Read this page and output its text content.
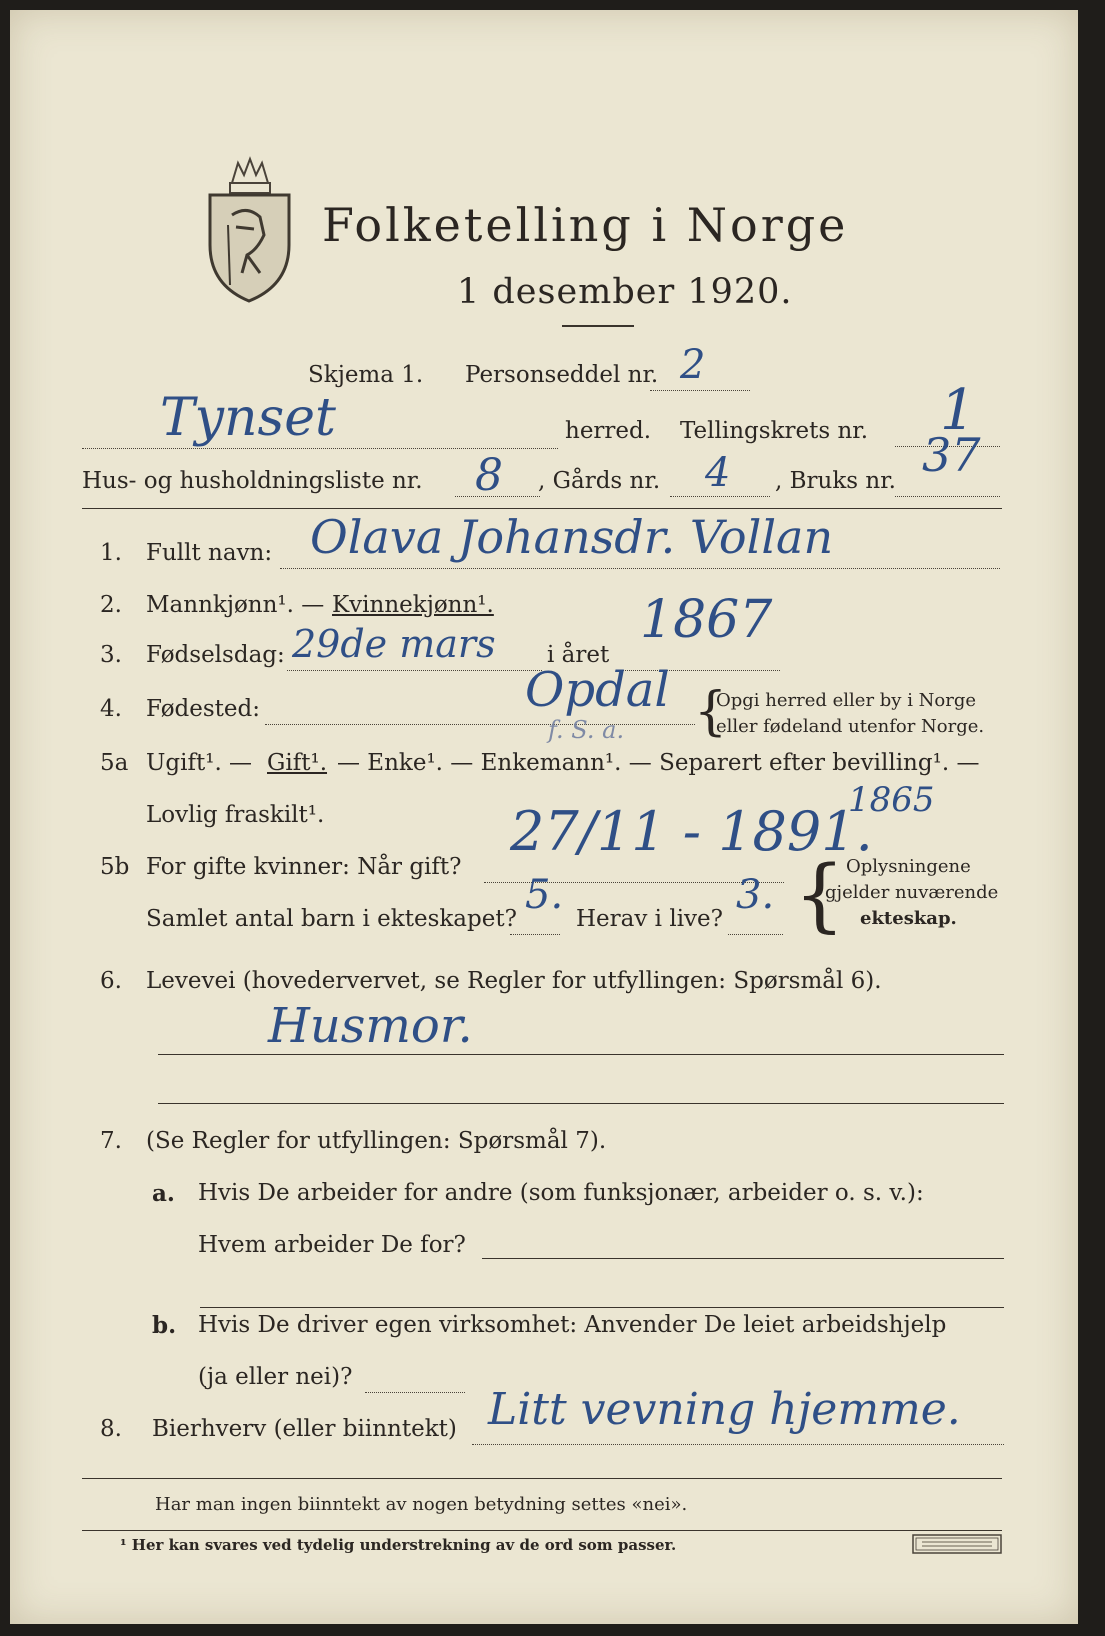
Folketelling i Norge
1 desember 1920.
Skjema 1. Personseddel nr. 2
Tynset	herred. Tellingskrets nr. 1
Hus- og husholdningsliste nr. 8 , Gårds nr. 4 , Bruks nr. 37
1. Fullt navn: Olava Johansdr. Vollan
2. Mannkjønn¹. — Kvinnekjønn¹.
3. Fødselsdag: 29de mars i året
1867
4. Fødested:	Opdal
f. S. a. {
Opgi herred eller by i Norge
eller fødeland utenfor Norge.
5a Ugift¹. — Gift¹. — Enke¹. — Enkemann¹. — Separert efter bevilling¹. —
Lovlig fraskilt¹.	1865
5b For gifte kvinner: Når gift?
27/11 - 1891.
Samlet antal barn i ekteskapet?
5.
Herav i live?
3. { Oplysningene
gjelder nuværende
ekteskap.
6. Levevei (hovedervervet, se Regler for utfyllingen: Spørsmål 6).
Husmor.
7. (Se Regler for utfyllingen: Spørsmål 7).
a. Hvis De arbeider for andre (som funksjonær, arbeider o. s. v.):
Hvem arbeider De for?
b. Hvis De driver egen virksomhet: Anvender De leiet arbeidshjelp
(ja eller nei)?
8. Bierhverv (eller biinntekt) Litt vevning hjemme.
Har man ingen biinntekt av nogen betydning settes «nei».
¹ Her kan svares ved tydelig understrekning av de ord som passer.
